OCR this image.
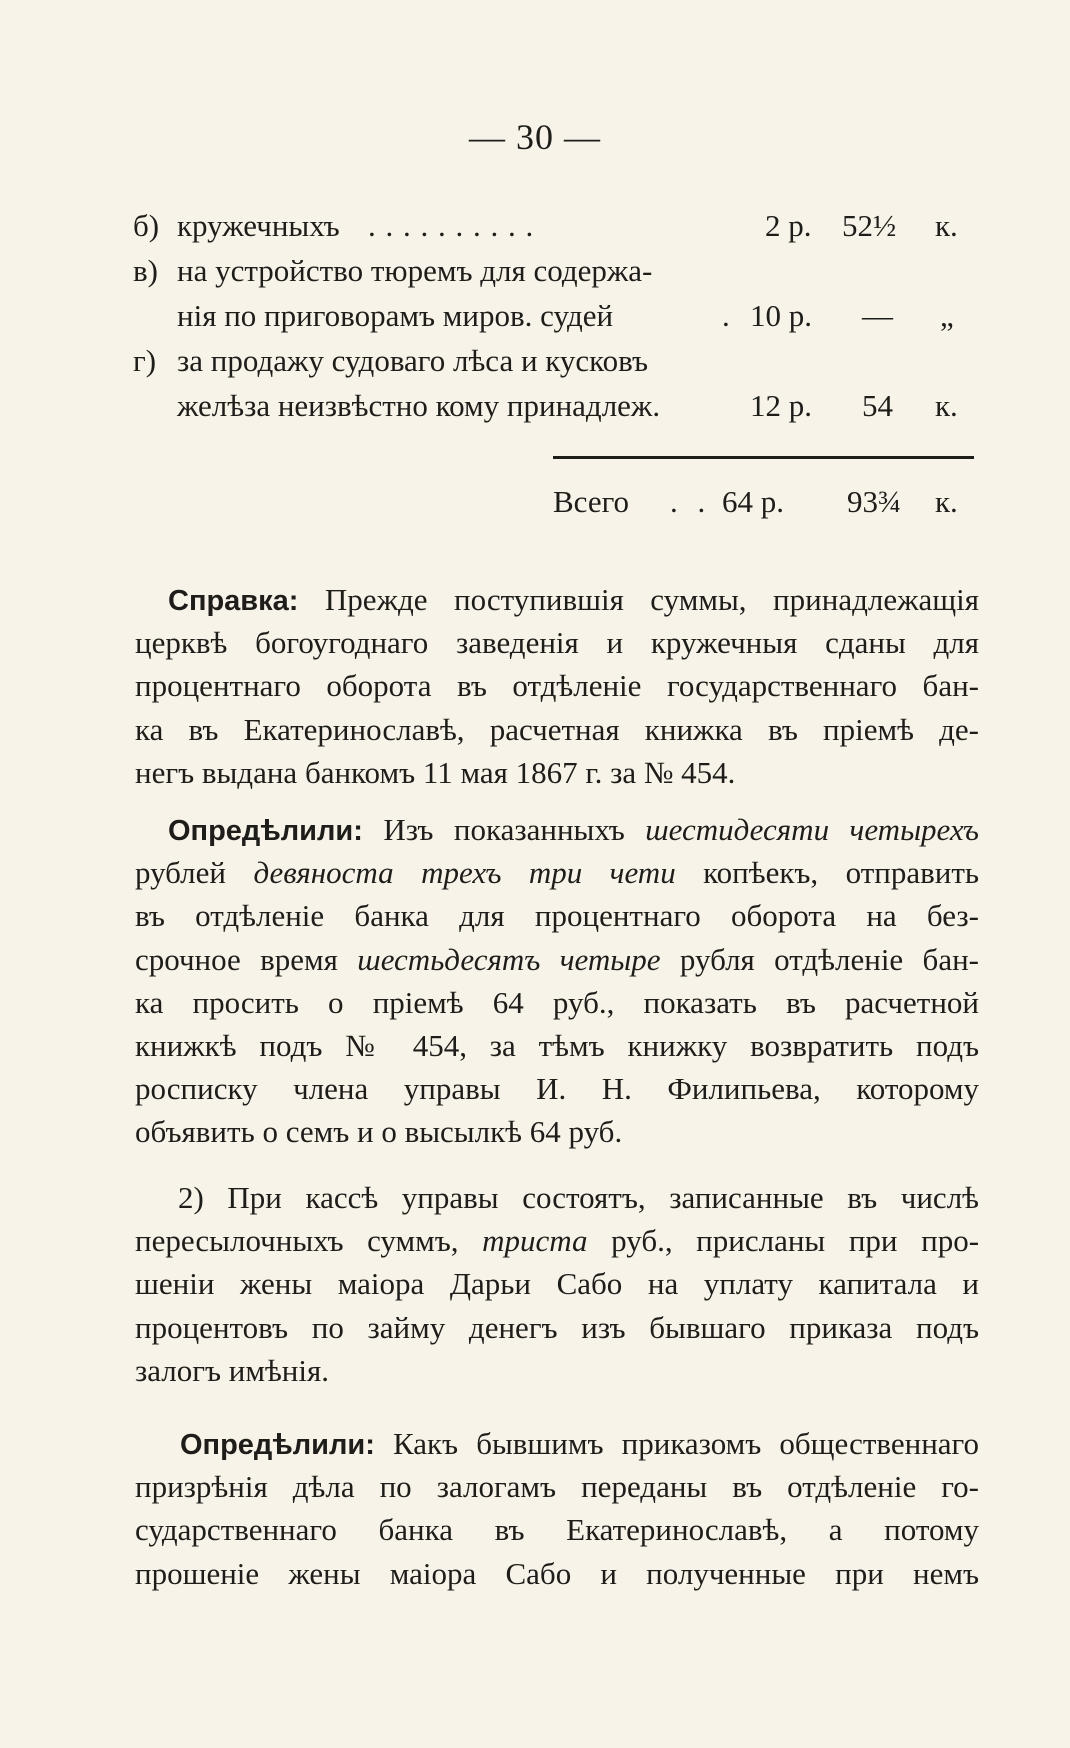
— 30 —
б) кружечныхъ . . . . . . . . . .	2 р. 52½ к.
в) на устройство тюремъ для содержа-
нія по приговорамъ миров. судей	. 10 р. — „
г) за продажу судоваго лѣса и кусковъ
желѣза неизвѣстно кому принадлеж.	12 р. 54 к.
Всего . . 64 р. 93¾ к.
Справка: Прежде поступившія суммы, принадлежащія
церквѣ богоугоднаго заведенія и кружечныя сданы для
процентнаго оборота въ отдѣленіе государственнаго бан-
ка въ Екатеринославѣ, расчетная книжка въ пріемѣ де-
негъ выдана банкомъ 11 мая 1867 г. за № 454.
Опредѣлили: Изъ показанныхъ шестидесяти четырехъ
рублей девяноста трехъ три чети копѣекъ, отправить
въ отдѣленіе банка для процентнаго оборота на без-
срочное время шестьдесятъ четыре рубля отдѣленіе бан-
ка просить о пріемѣ 64 руб., показать въ расчетной
книжкѣ подъ № 454, за тѣмъ книжку возвратить подъ
росписку члена управы И. Н. Филипьева, которому
объявить о семъ и о высылкѣ 64 руб.
2) При кассѣ управы состоятъ, записанные въ числѣ
пересылочныхъ суммъ, триста руб., присланы при про-
шеніи жены маіора Дарьи Сабо на уплату капитала и
процентовъ по займу денегъ изъ бывшаго приказа подъ
залогъ имѣнія.
Опредѣлили: Какъ бывшимъ приказомъ общественнаго
призрѣнія дѣла по залогамъ переданы въ отдѣленіе го-
сударственнаго банка въ Екатеринославѣ, а потому
прошеніе жены маіора Сабо и полученные при немъ
